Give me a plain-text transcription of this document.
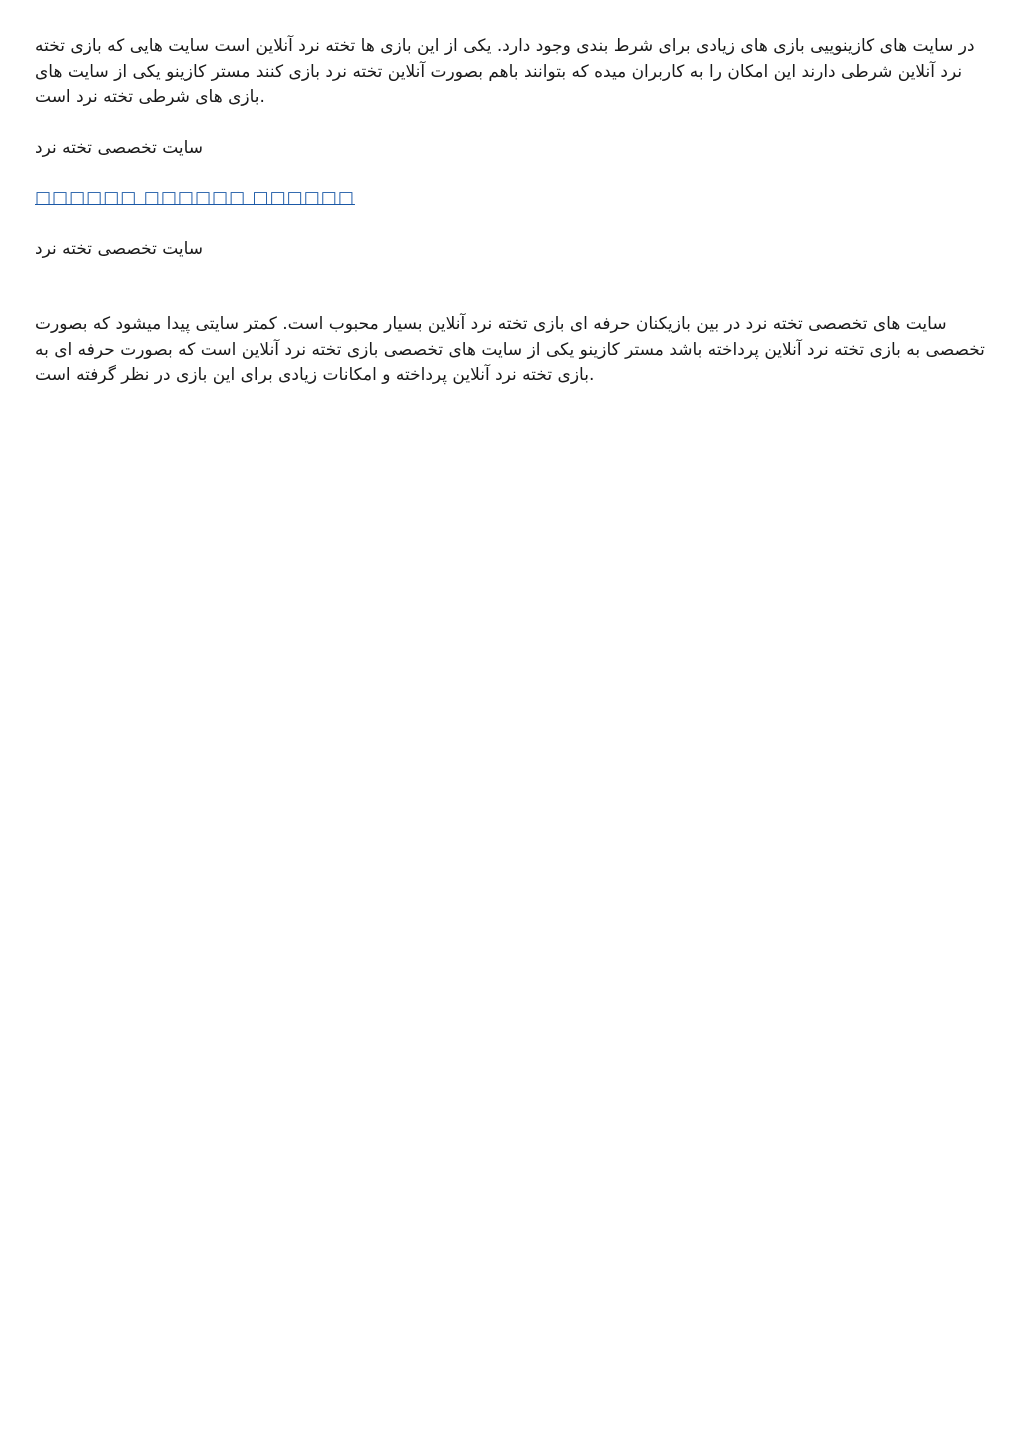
در سایت های کازینوییی بازی های زیادی برای شرط بندی وجود دارد. یکی از این بازی ها تخته نرد آنلاین است سایت هایی که بازی تخته نرد آنلاین شرطی دارند این امکان را به کاربران میده که بتوانند باهم بصورت آنلاین تخته نرد بازی کنند مستر کازینو یکی از سایت های بازی های شرطی تخته نرد است.

سایت تخصصی تخته نرد
□□□□□□ □□□□□□ □□□□□□
سایت تخصصی تخته نرد

سایت های تخصصی تخته نرد در بین بازیکنان حرفه ای بازی تخته نرد آنلاین بسیار محبوب است. کمتر سایتی پیدا میشود که بصورت تخصصی به بازی تخته نرد آنلاین پرداخته باشد مستر کازینو یکی از سایت های تخصصی بازی تخته نرد آنلاین است که بصورت حرفه ای به بازی تخته نرد آنلاین پرداخته و امکانات زیادی برای این بازی در نظر گرفته است.
